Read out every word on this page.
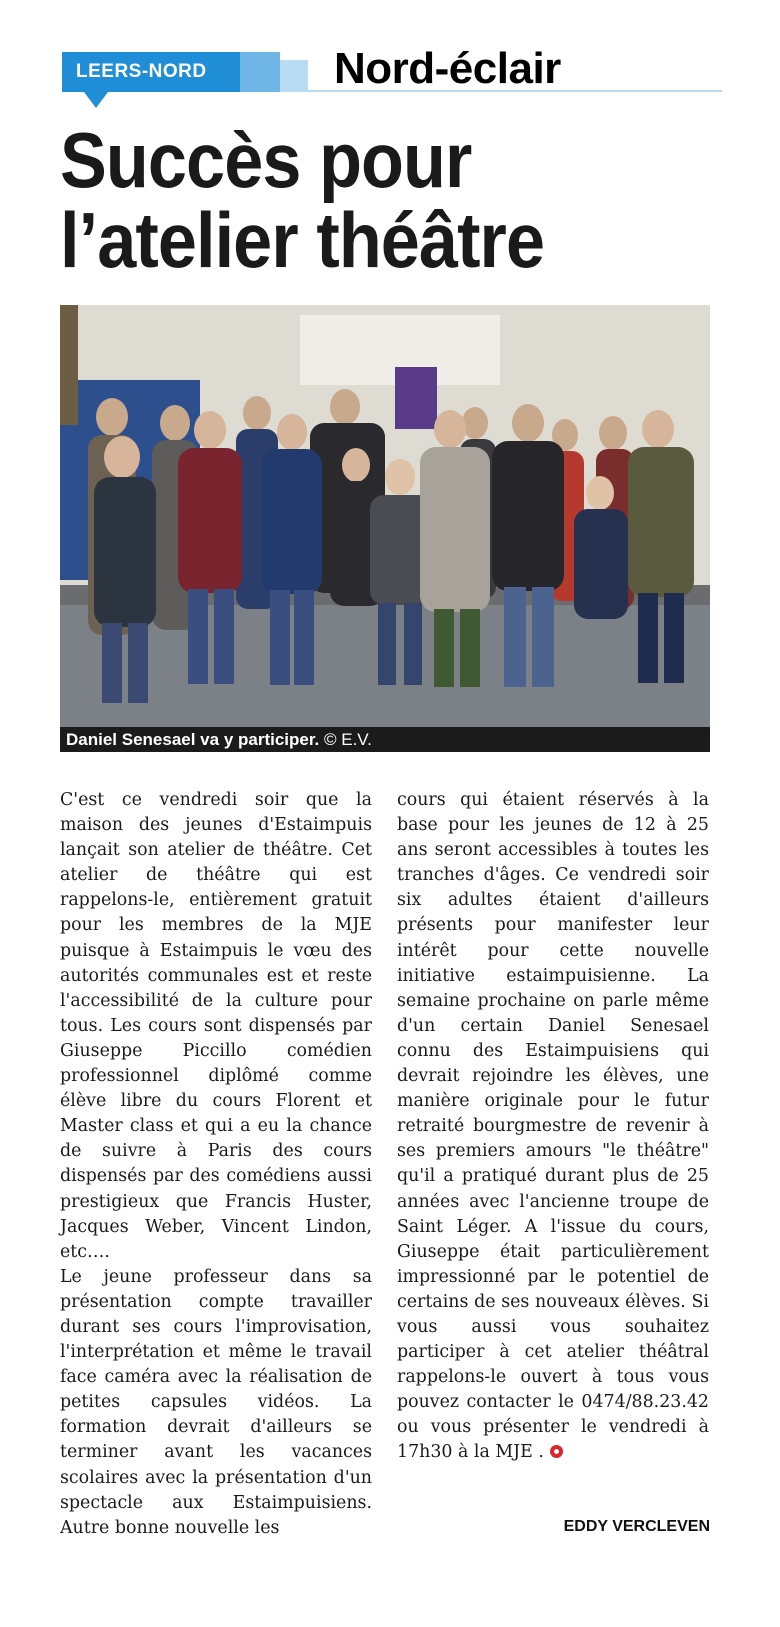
LEERS-NORD	Nord-éclair
Succès pour
l’atelier théâtre
Daniel Senesael va y participer. © E.V.

C'est ce vendredi soir que la maison des jeunes d'Estaimpuis lançait son atelier de théâtre. Cet atelier de théâtre qui est rappelons-le, entièrement gratuit pour les membres de la MJE puisque à Estaimpuis le vœu des autorités communales est et reste l'accessibilité de la culture pour tous. Les cours sont dispensés par Giuseppe Piccillo comédien professionnel diplômé comme élève libre du cours Florent et Master class et qui a eu la chance de suivre à Paris des cours dispensés par des comédiens aussi prestigieux que Francis Huster, Jacques Weber, Vincent Lindon, etc….

Le jeune professeur dans sa présentation compte travailler durant ses cours l'improvisation, l'interprétation et même le travail face caméra avec la réalisation de petites capsules vidéos. La formation devrait d'ailleurs se terminer avant les vacances scolaires avec la présentation d'un spectacle aux Estaimpuisiens. Autre bonne nouvelle les

cours qui étaient réservés à la base pour les jeunes de 12 à 25 ans seront accessibles à toutes les tranches d'âges. Ce vendredi soir six adultes étaient d'ailleurs présents pour manifester leur intérêt pour cette nouvelle initiative estaimpuisienne. La semaine prochaine on parle même d'un certain Daniel Senesael connu des Estaimpuisiens qui devrait rejoindre les élèves, une manière originale pour le futur retraité bourgmestre de revenir à ses premiers amours "le théâtre" qu'il a pratiqué durant plus de 25 années avec l'ancienne troupe de Saint Léger. A l'issue du cours, Giuseppe était particulièrement impressionné par le potentiel de certains de ses nouveaux élèves. Si vous aussi vous souhaitez participer à cet atelier théâtral rappelons-le ouvert à tous vous pouvez contacter le 0474/88.23.42 ou vous présenter le vendredi à 17h30 à la MJE .

EDDY VERCLEVEN
